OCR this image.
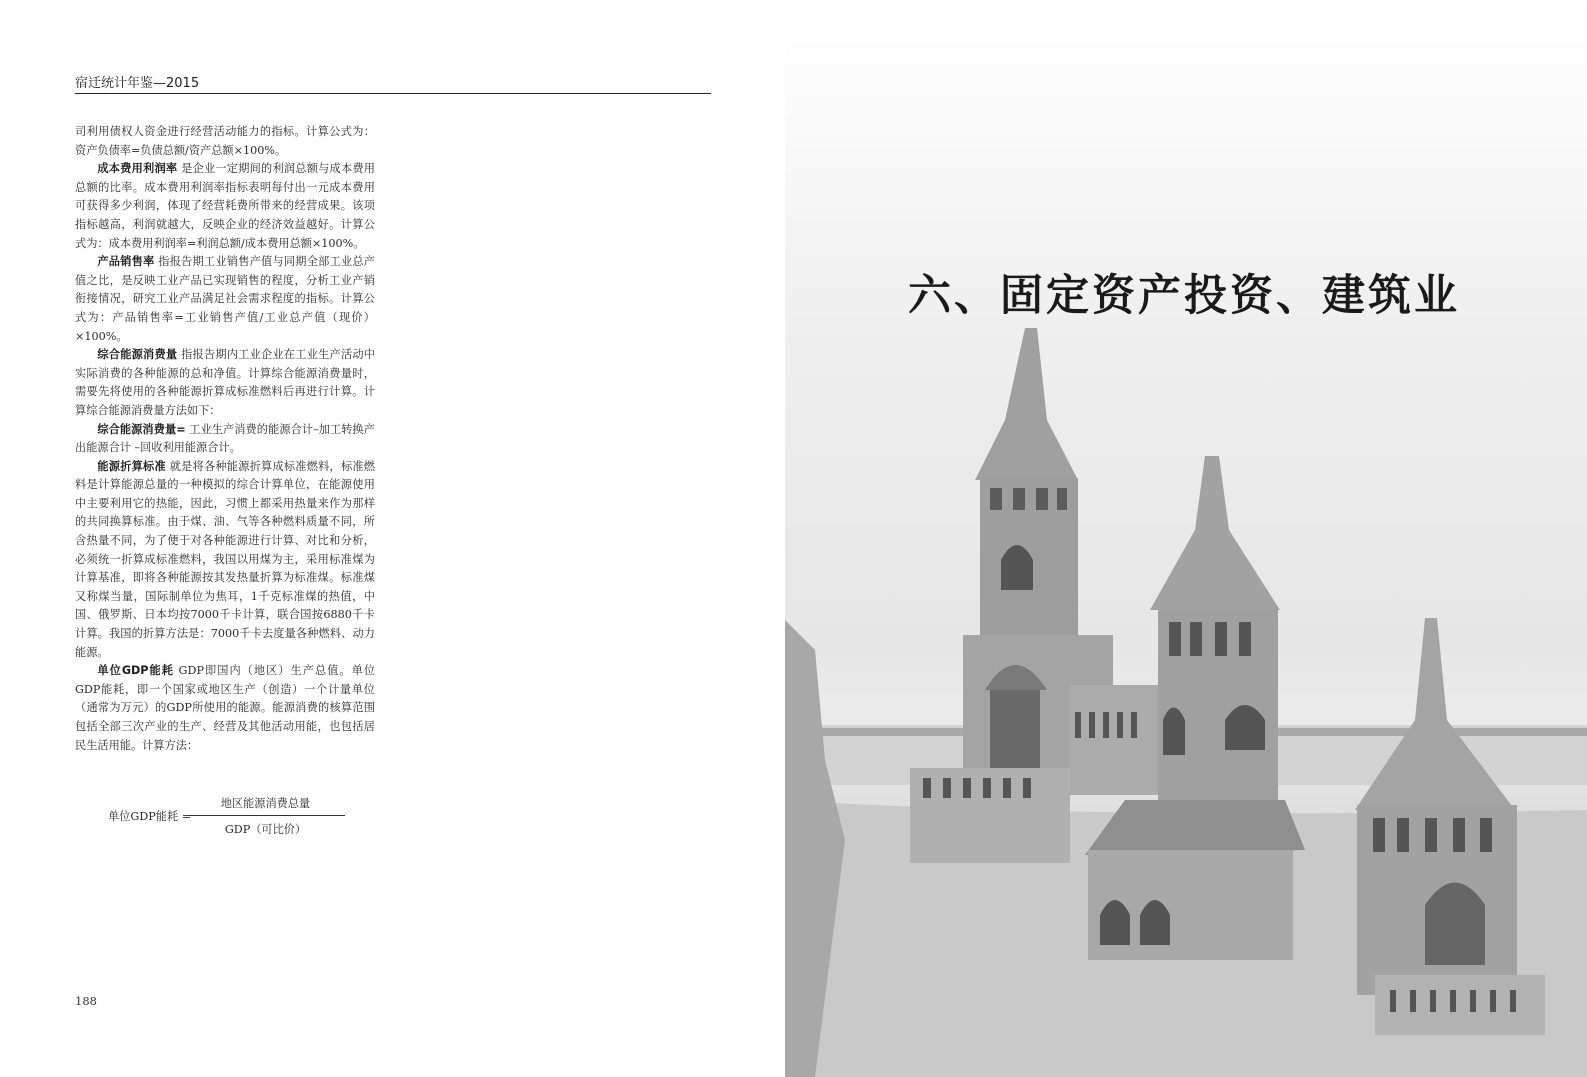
宿迁统计年鉴—2015

司利用债权人资金进行经营活动能力的指标。计算公式为：资产负债率=负债总额/资产总额×100%。

成本费用利润率 是企业一定期间的利润总额与成本费用总额的比率。成本费用利润率指标表明每付出一元成本费用可获得多少利润，体现了经营耗费所带来的经营成果。该项指标越高，利润就越大，反映企业的经济效益越好。计算公式为：成本费用利润率=利润总额/成本费用总额×100%。

产品销售率 指报告期工业销售产值与同期全部工业总产值之比，是反映工业产品已实现销售的程度，分析工业产销衔接情况，研究工业产品满足社会需求程度的指标。计算公式为：产品销售率=工业销售产值/工业总产值（现价）×100%。

综合能源消费量 指报告期内工业企业在工业生产活动中实际消费的各种能源的总和净值。计算综合能源消费量时，需要先将使用的各种能源折算成标准燃料后再进行计算。计算综合能源消费量方法如下：

综合能源消费量= 工业生产消费的能源合计–加工转换产出能源合计 –回收利用能源合计。

能源折算标准 就是将各种能源折算成标准燃料，标准燃料是计算能源总量的一种模拟的综合计算单位，在能源使用中主要利用它的热能，因此，习惯上都采用热量来作为那样的共同换算标准。由于煤、油、气等各种燃料质量不同，所含热量不同，为了便于对各种能源进行计算、对比和分析，必须统一折算成标准燃料，我国以用煤为主，采用标准煤为计算基准，即将各种能源按其发热量折算为标准煤。标准煤又称煤当量，国际制单位为焦耳，1千克标准煤的热值，中国、俄罗斯、日本均按7000千卡计算，联合国按6880千卡计算。我国的折算方法是：7000千卡去度量各种燃料、动力能源。

单位GDP能耗 GDP即国内（地区）生产总值。单位GDP能耗，即一个国家或地区生产（创造）一个计量单位（通常为万元）的GDP所使用的能源。能源消费的核算范围包括全部三次产业的生产、经营及其他活动用能，也包括居民生活用能。计算方法：

单位GDP能耗 =
地区能源消费总量
GDP（可比价）
188
六、固定资产投资、建筑业
